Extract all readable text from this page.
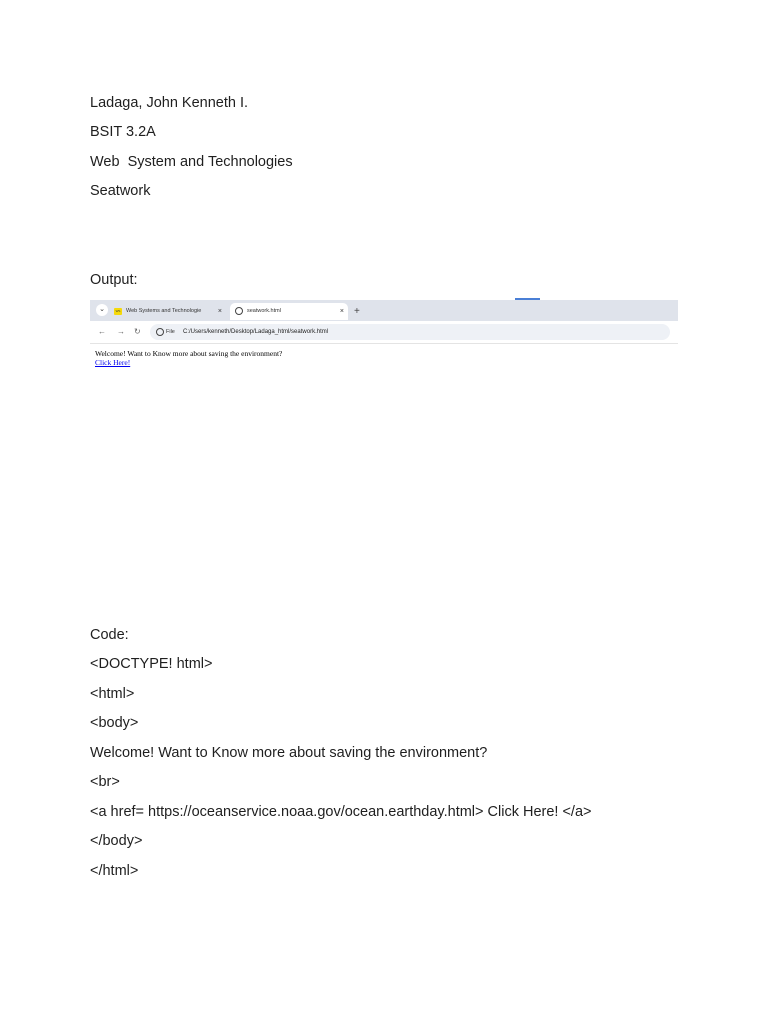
Ladaga, John Kenneth I.
BSIT 3.2A
Web  System and Technologies
Seatwork
Output:
⌄	WS Web Systems and Technologie ×	seatwork.html	× +
← → ↻	File C:/Users/kenneth/Desktop/Ladaga_html/seatwork.html
Welcome! Want to Know more about saving the environment?
Click Here!
Code:
<DOCTYPE! html>
<html>
<body>
Welcome! Want to Know more about saving the environment?
<br>
<a href= https://oceanservice.noaa.gov/ocean.earthday.html> Click Here! </a>
</body>
</html>
